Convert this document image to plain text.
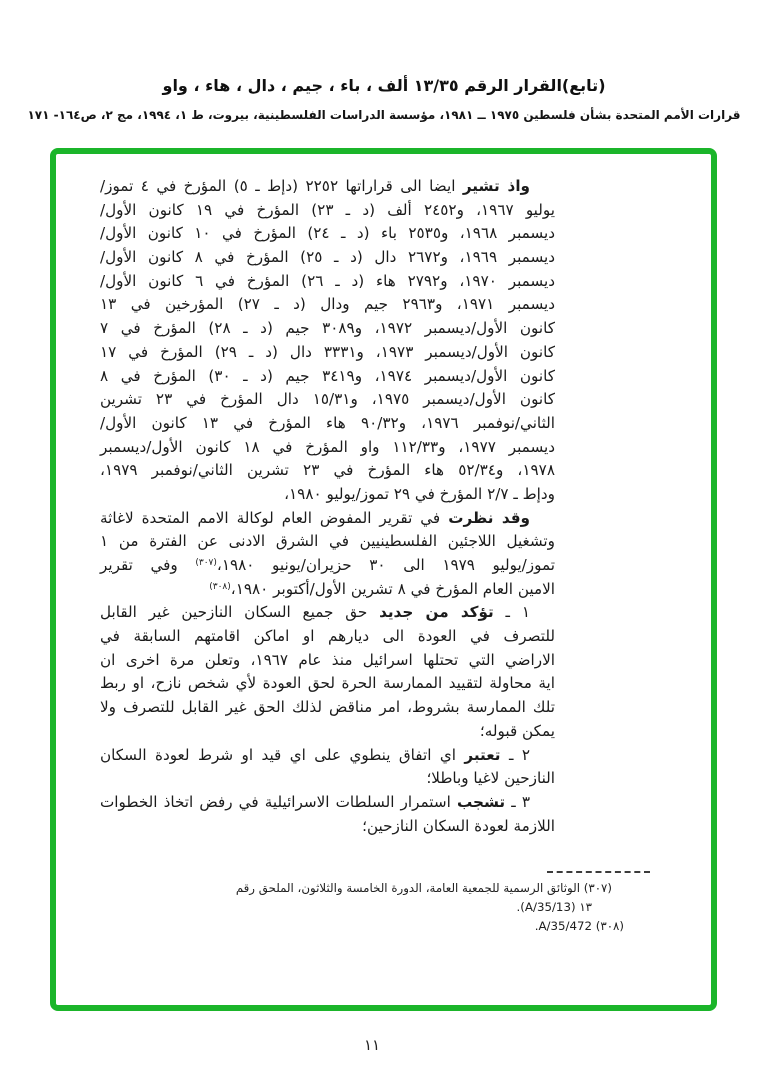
(تابع)القرار الرقم ١٣/٣٥ ألف ، باء ، جيم ، دال ، هاء ، واو
قرارات الأمم المتحدة بشأن فلسطين ١٩٧٥ ــ ١٩٨١، مؤسسة الدراسات الفلسطينية، بيروت، ط ١، ١٩٩٤، مج ٢، ص١٦٤- ١٧١
واذ تشير ايضا الى قراراتها ٢٢٥٢ (دإط ـ ٥) المؤرخ في ٤ تموز/
يوليو ١٩٦٧، و٢٤٥٢ ألف (د ـ ٢٣) المؤرخ في ١٩ كانون الأول/
ديسمبر ١٩٦٨، و٢٥٣٥ باء (د ـ ٢٤) المؤرخ في ١٠ كانون الأول/
ديسمبر ١٩٦٩، و٢٦٧٢ دال (د ـ ٢٥) المؤرخ في ٨ كانون الأول/
ديسمبر ١٩٧٠، و٢٧٩٢ هاء (د ـ ٢٦) المؤرخ في ٦ كانون الأول/
ديسمبر ١٩٧١، و٢٩٦٣ جيم ودال (د ـ ٢٧) المؤرخين في ١٣
كانون الأول/ديسمبر ١٩٧٢، و٣٠٨٩ جيم (د ـ ٢٨) المؤرخ في ٧
كانون الأول/ديسمبر ١٩٧٣، و٣٣٣١ دال (د ـ ٢٩) المؤرخ في ١٧
كانون الأول/ديسمبر ١٩٧٤، و٣٤١٩ جيم (د ـ ٣٠) المؤرخ في ٨
كانون الأول/ديسمبر ١٩٧٥، و١٥/٣١ دال المؤرخ في ٢٣ تشرين
الثاني/نوفمبر ١٩٧٦، و٩٠/٣٢ هاء المؤرخ في ١٣ كانون الأول/
ديسمبر ١٩٧٧، و١١٢/٣٣ واو المؤرخ في ١٨ كانون الأول/ديسمبر
١٩٧٨، و٥٢/٣٤ هاء المؤرخ في ٢٣ تشرين الثاني/نوفمبر ١٩٧٩،
ودإط ـ ٢/٧ المؤرخ في ٢٩ تموز/يوليو ١٩٨٠،
وقد نظرت في تقرير المفوض العام لوكالة الامم المتحدة لاغاثة
وتشغيل اللاجئين الفلسطينيين في الشرق الادنى عن الفترة من ١
تموز/يوليو ١٩٧٩ الى ٣٠ حزيران/يونيو ١٩٨٠،$^{(٣٠٧)}$ وفي تقرير
الامين العام المؤرخ في ٨ تشرين الأول/أكتوبر ١٩٨٠،$^{(٣٠٨)}$
١ ـ تؤكد من جديد حق جميع السكان النازحين غير القابل
للتصرف في العودة الى ديارهم او اماكن اقامتهم السابقة في
الاراضي التي تحتلها اسرائيل منذ عام ١٩٦٧، وتعلن مرة اخرى ان
اية محاولة لتقييد الممارسة الحرة لحق العودة لأي شخص نازح، او ربط
تلك الممارسة بشروط، امر مناقض لذلك الحق غير القابل للتصرف ولا
يمكن قبوله؛
٢ ـ تعتبر اي اتفاق ينطوي على اي قيد او شرط لعودة السكان
النازحين لاغيا وباطلا؛
٣ ـ تشجب استمرار السلطات الاسرائيلية في رفض اتخاذ الخطوات
اللازمة لعودة السكان النازحين؛
(٣٠٧) الوثائق الرسمية للجمعية العامة، الدورة الخامسة والثلاثون، الملحق رقم
١٣ (A/35/13).
(٣٠٨) A/35/472.
١١
